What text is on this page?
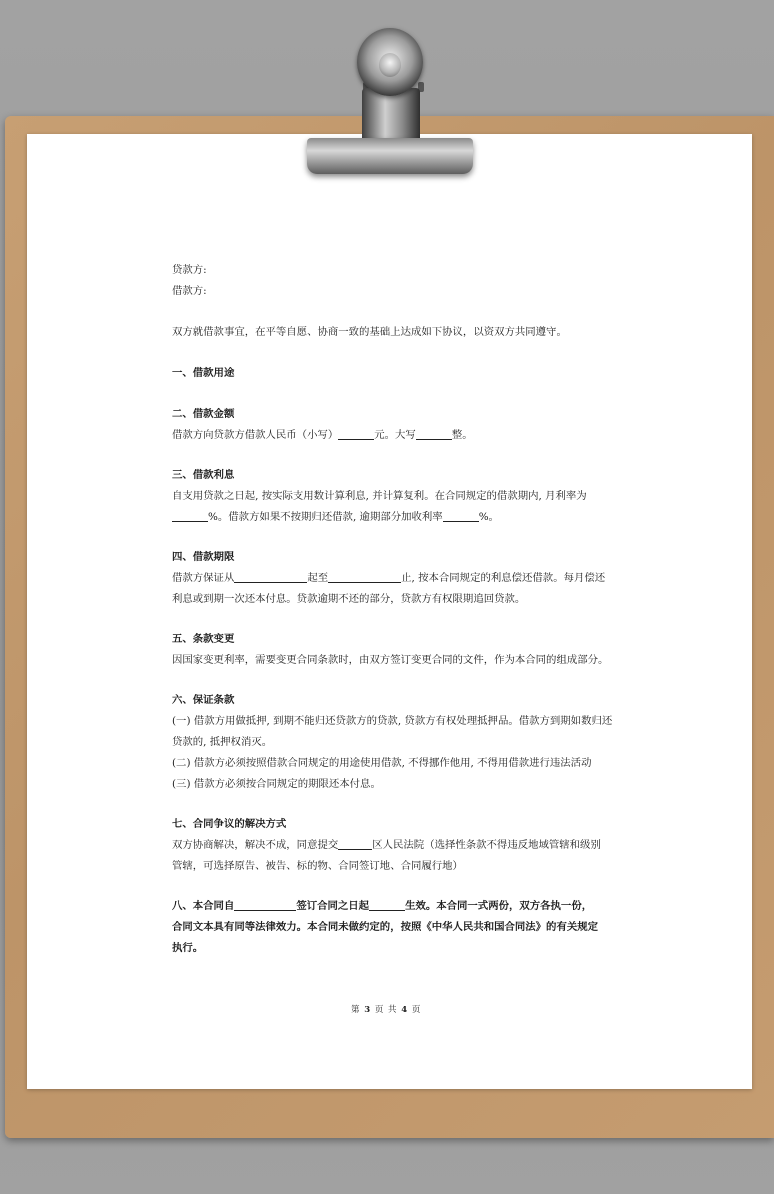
贷款方:

借款方:

双方就借款事宜，在平等自愿、协商一致的基础上达成如下协议，以资双方共同遵守。

一、借款用途

二、借款金额

借款方向贷款方借款人民币（小写）	元。大写	整。

三、借款利息

自支用贷款之日起, 按实际支用数计算利息, 并计算复利。在合同规定的借款期内, 月利率为

%。借款方如果不按期归还借款, 逾期部分加收利率	%。

四、借款期限

借款方保证从	起至	止, 按本合同规定的利息偿还借款。每月偿还

利息或到期一次还本付息。贷款逾期不还的部分，贷款方有权限期追回贷款。

五、条款变更

因国家变更利率，需要变更合同条款时，由双方签订变更合同的文件，作为本合同的组成部分。

六、保证条款

(一) 借款方用做抵押, 到期不能归还贷款方的贷款, 贷款方有权处理抵押品。借款方到期如数归还

贷款的, 抵押权消灭。

(二) 借款方必须按照借款合同规定的用途使用借款, 不得挪作他用, 不得用借款进行违法活动

(三) 借款方必须按合同规定的期限还本付息。

七、合同争议的解决方式

双方协商解决，解决不成，同意提交	区人民法院（选择性条款不得违反地域管辖和级别

管辖，可选择原告、被告、标的物、合同签订地、合同履行地）

八、本合同自	签订合同之日起	生效。本合同一式两份，双方各执一份，

合同文本具有同等法律效力。本合同未做约定的，按照《中华人民共和国合同法》的有关规定

执行。

第 3 页 共 4 页
